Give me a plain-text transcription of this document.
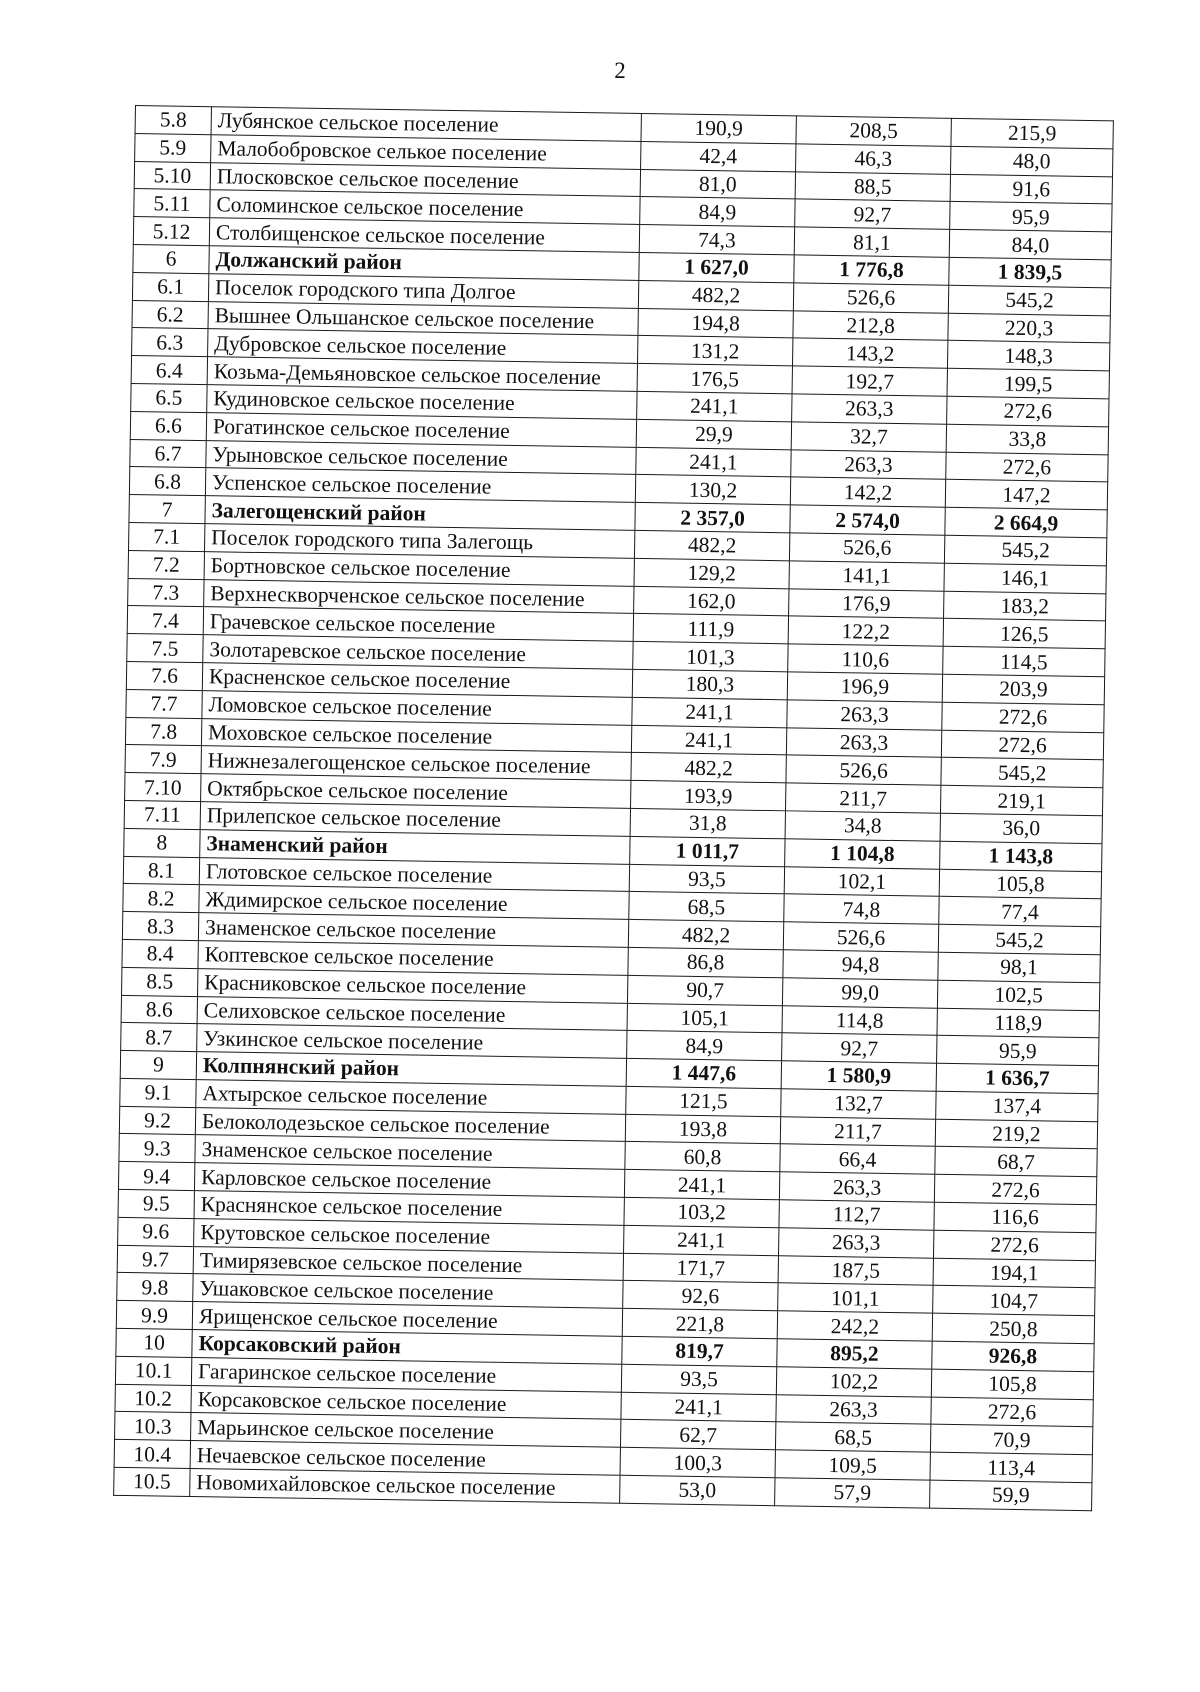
2
5.8	Лубянское сельское поселение	190,9	208,5	215,9
5.9	Малобобровское селькое поселение	42,4	46,3	48,0
5.10	Плосковское сельское поселение	81,0	88,5	91,6
5.11	Соломинское сельское поселение	84,9	92,7	95,9
5.12	Столбищенское сельское поселение	74,3	81,1	84,0
6	Должанский район	1 627,0	1 776,8	1 839,5
6.1	Поселок городского типа Долгое	482,2	526,6	545,2
6.2	Вышнее Ольшанское сельское поселение	194,8	212,8	220,3
6.3	Дубровское сельское поселение	131,2	143,2	148,3
6.4	Козьма-Демьяновское сельское поселение	176,5	192,7	199,5
6.5	Кудиновское сельское поселение	241,1	263,3	272,6
6.6	Рогатинское сельское поселение	29,9	32,7	33,8
6.7	Урыновское сельское поселение	241,1	263,3	272,6
6.8	Успенское сельское поселение	130,2	142,2	147,2
7	Залегощенский район	2 357,0	2 574,0	2 664,9
7.1	Поселок городского типа Залегощь	482,2	526,6	545,2
7.2	Бортновское сельское поселение	129,2	141,1	146,1
7.3	Верхнескворченское сельское поселение	162,0	176,9	183,2
7.4	Грачевское сельское поселение	111,9	122,2	126,5
7.5	Золотаревское сельское поселение	101,3	110,6	114,5
7.6	Красненское сельское поселение	180,3	196,9	203,9
7.7	Ломовское сельское поселение	241,1	263,3	272,6
7.8	Моховское сельское поселение	241,1	263,3	272,6
7.9	Нижнезалегощенское сельское поселение	482,2	526,6	545,2
7.10	Октябрьское сельское поселение	193,9	211,7	219,1
7.11	Прилепское сельское поселение	31,8	34,8	36,0
8	Знаменский район	1 011,7	1 104,8	1 143,8
8.1	Глотовское сельское поселение	93,5	102,1	105,8
8.2	Ждимирское сельское поселение	68,5	74,8	77,4
8.3	Знаменское сельское поселение	482,2	526,6	545,2
8.4	Коптевское сельское поселение	86,8	94,8	98,1
8.5	Красниковское сельское поселение	90,7	99,0	102,5
8.6	Селиховское сельское поселение	105,1	114,8	118,9
8.7	Узкинское сельское поселение	84,9	92,7	95,9
9	Колпнянский район	1 447,6	1 580,9	1 636,7
9.1	Ахтырское сельское поселение	121,5	132,7	137,4
9.2	Белоколодезьское сельское поселение	193,8	211,7	219,2
9.3	Знаменское сельское поселение	60,8	66,4	68,7
9.4	Карловское сельское поселение	241,1	263,3	272,6
9.5	Краснянское сельское поселение	103,2	112,7	116,6
9.6	Крутовское сельское поселение	241,1	263,3	272,6
9.7	Тимирязевское сельское поселение	171,7	187,5	194,1
9.8	Ушаковское сельское поселение	92,6	101,1	104,7
9.9	Ярищенское сельское поселение	221,8	242,2	250,8
10	Корсаковский район	819,7	895,2	926,8
10.1	Гагаринское сельское поселение	93,5	102,2	105,8
10.2	Корсаковское сельское поселение	241,1	263,3	272,6
10.3	Марьинское сельское поселение	62,7	68,5	70,9
10.4	Нечаевское сельское поселение	100,3	109,5	113,4
10.5	Новомихайловское сельское поселение	53,0	57,9	59,9
